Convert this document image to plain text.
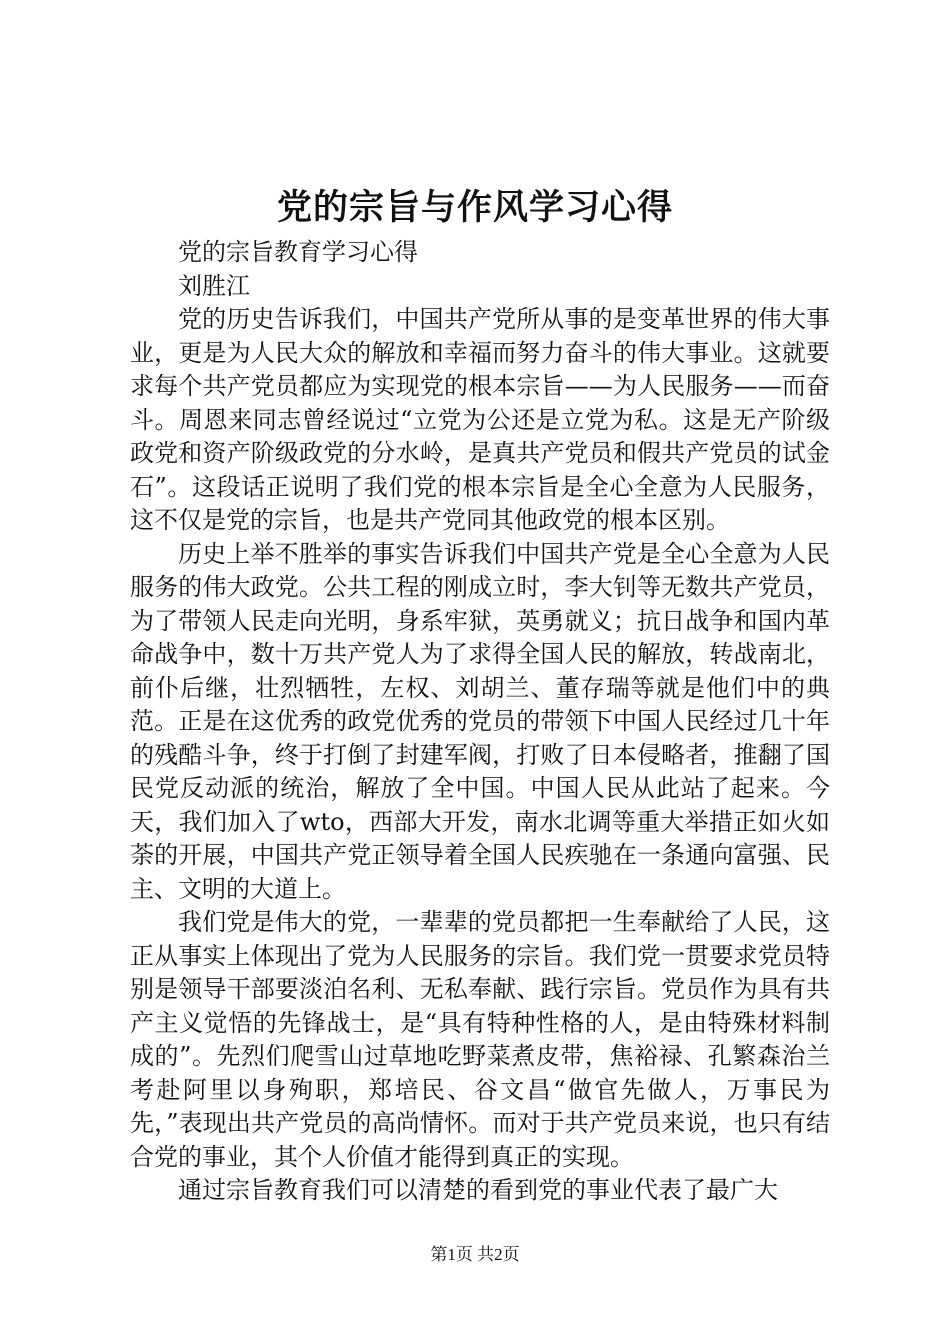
党的宗旨与作风学习心得

党的宗旨教育学习心得

刘胜江

党的历史告诉我们，中国共产党所从事的是变革世界的伟大事业，更是为人民大众的解放和幸福而努力奋斗的伟大事业。这就要求每个共产党员都应为实现党的根本宗旨——为人民服务——而奋斗。周恩来同志曾经说过“立党为公还是立党为私。这是无产阶级政党和资产阶级政党的分水岭，是真共产党员和假共产党员的试金石”。这段话正说明了我们党的根本宗旨是全心全意为人民服务，这不仅是党的宗旨，也是共产党同其他政党的根本区别。

历史上举不胜举的事实告诉我们中国共产党是全心全意为人民服务的伟大政党。公共工程的刚成立时，李大钊等无数共产党员，为了带领人民走向光明，身系牢狱，英勇就义；抗日战争和国内革命战争中，数十万共产党人为了求得全国人民的解放，转战南北，前仆后继，壮烈牺牲，左权、刘胡兰、董存瑞等就是他们中的典范。正是在这优秀的政党优秀的党员的带领下中国人民经过几十年的残酷斗争，终于打倒了封建军阀，打败了日本侵略者，推翻了国民党反动派的统治，解放了全中国。中国人民从此站了起来。今天，我们加入了wto，西部大开发，南水北调等重大举措正如火如荼的开展，中国共产党正领导着全国人民疾驰在一条通向富强、民主、文明的大道上。

我们党是伟大的党，一辈辈的党员都把一生奉献给了人民，这正从事实上体现出了党为人民服务的宗旨。我们党一贯要求党员特别是领导干部要淡泊名利、无私奉献、践行宗旨。党员作为具有共产主义觉悟的先锋战士，是“具有特种性格的人，是由特殊材料制成的”。先烈们爬雪山过草地吃野菜煮皮带，焦裕禄、孔繁森治兰考赴阿里以身殉职，郑培民、谷文昌“做官先做人，万事民为先，”表现出共产党员的高尚情怀。而对于共产党员来说，也只有结合党的事业，其个人价值才能得到真正的实现。

通过宗旨教育我们可以清楚的看到党的事业代表了最广大

第1页 共2页
